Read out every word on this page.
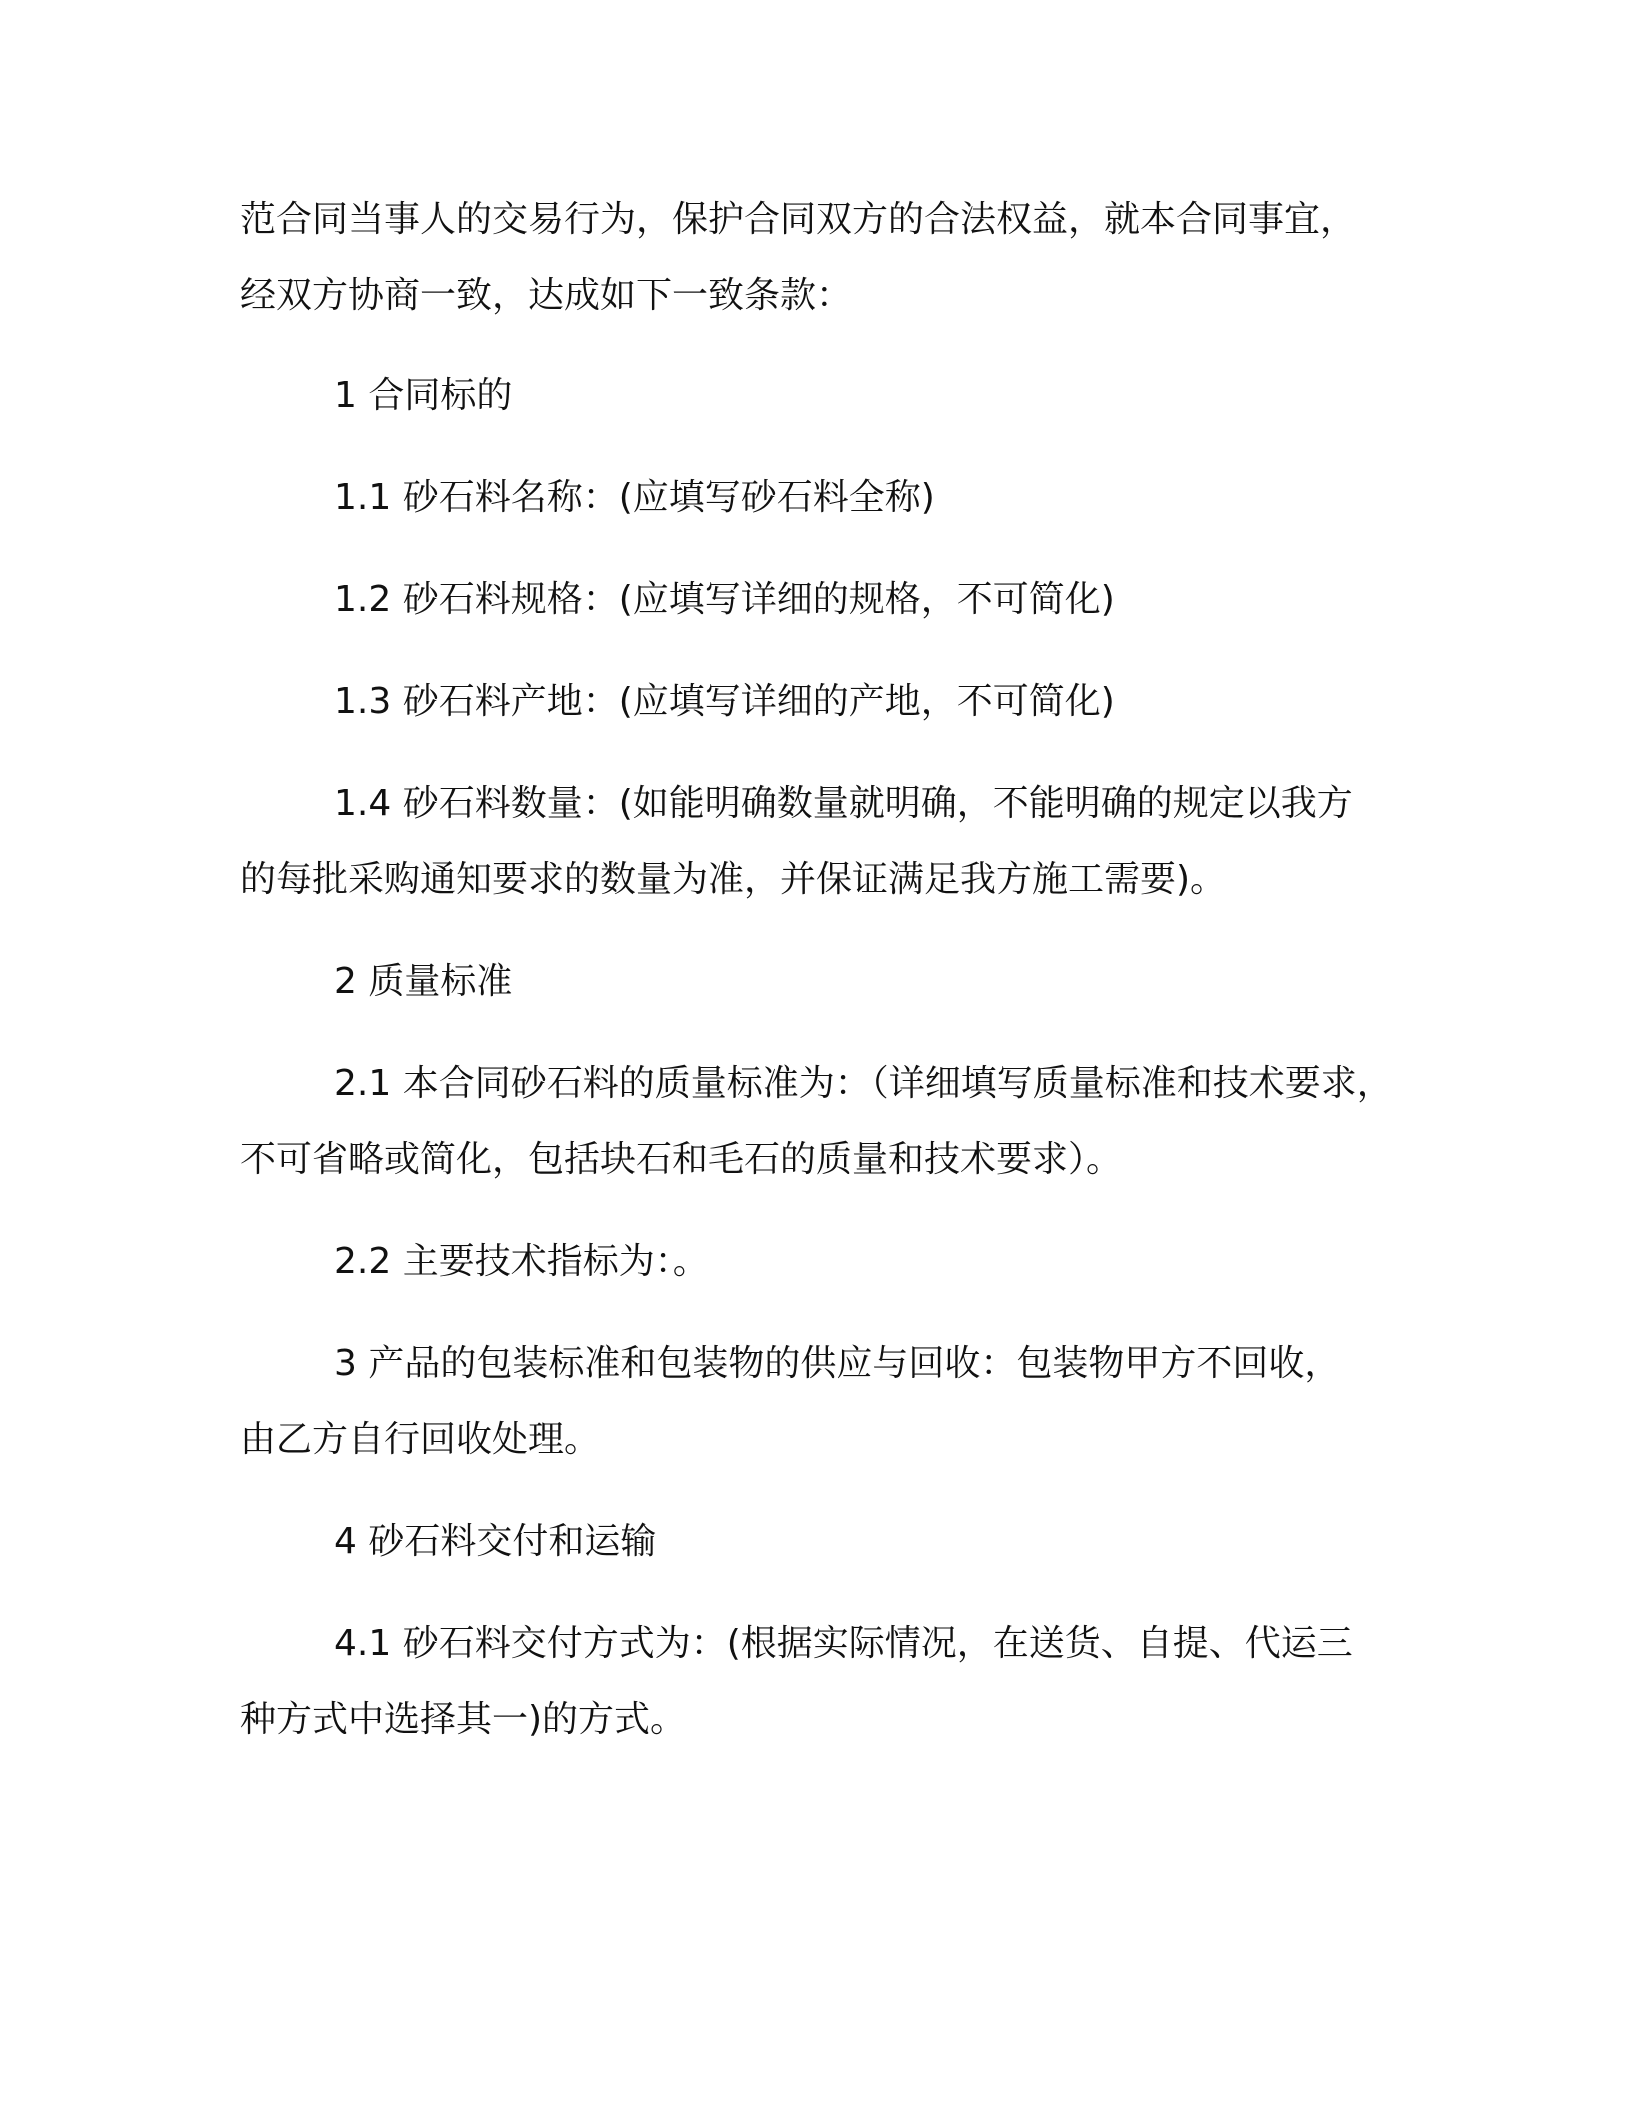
范合同当事人的交易行为，保护合同双方的合法权益，就本合同事宜，
经双方协商一致，达成如下一致条款：

1 合同标的

1.1 砂石料名称：(应填写砂石料全称)

1.2 砂石料规格：(应填写详细的规格，不可简化)

1.3 砂石料产地：(应填写详细的产地，不可简化)

1.4 砂石料数量：(如能明确数量就明确，不能明确的规定以我方
的每批采购通知要求的数量为准，并保证满足我方施工需要)。

2 质量标准

2.1 本合同砂石料的质量标准为：（详细填写质量标准和技术要求，
不可省略或简化，包括块石和毛石的质量和技术要求）。

2.2 主要技术指标为：。

3 产品的包装标准和包装物的供应与回收：包装物甲方不回收，
由乙方自行回收处理。

4 砂石料交付和运输

4.1 砂石料交付方式为：(根据实际情况，在送货、自提、代运三
种方式中选择其一)的方式。
